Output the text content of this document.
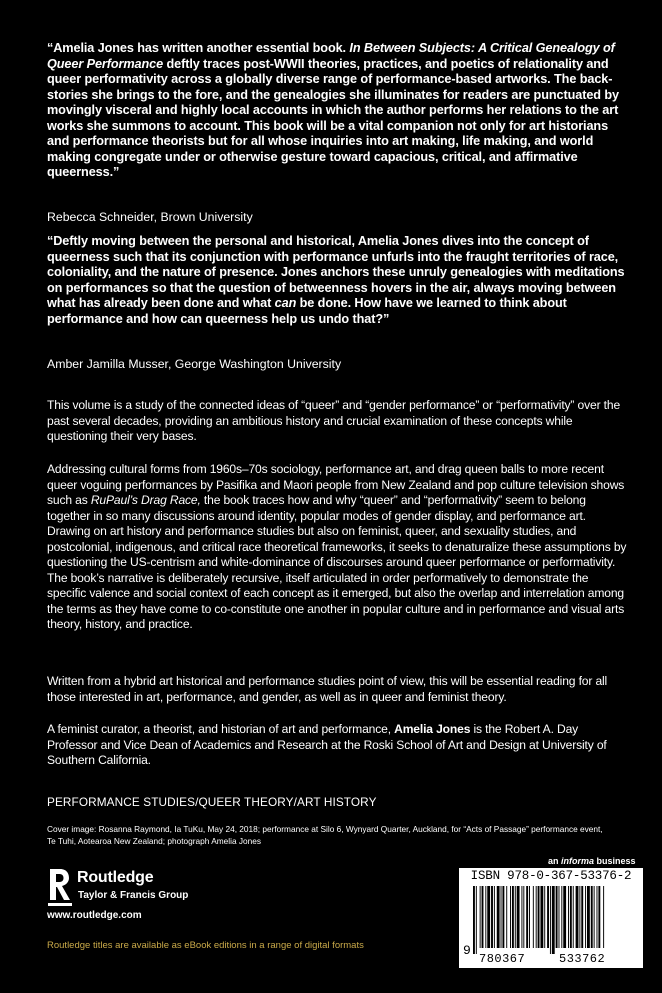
“Amelia Jones has written another essential book. In Between Subjects: A Critical Genealogy of Queer Performance deftly traces post-WWII theories, practices, and poetics of relationality and queer performativity across a globally diverse range of performance-based artworks. The back-stories she brings to the fore, and the genealogies she illuminates for readers are punctuated by movingly visceral and highly local accounts in which the author performs her relations to the art works she summons to account. This book will be a vital companion not only for art historians and performance theorists but for all whose inquiries into art making, life making, and world making congregate under or otherwise gesture toward capacious, critical, and affirmative queerness.”
Rebecca Schneider, Brown University
“Deftly moving between the personal and historical, Amelia Jones dives into the concept of queerness such that its conjunction with performance unfurls into the fraught territories of race, coloniality, and the nature of presence. Jones anchors these unruly genealogies with meditations on performances so that the question of betweenness hovers in the air, always moving between what has already been done and what can be done. How have we learned to think about performance and how can queerness help us undo that?”
Amber Jamilla Musser, George Washington University
This volume is a study of the connected ideas of “queer” and “gender performance” or “performativity” over the past several decades, providing an ambitious history and crucial examination of these concepts while questioning their very bases.
Addressing cultural forms from 1960s–70s sociology, performance art, and drag queen balls to more recent queer voguing performances by Pasifika and Maori people from New Zealand and pop culture television shows such as RuPaul’s Drag Race, the book traces how and why “queer” and “performativity” seem to belong together in so many discussions around identity, popular modes of gender display, and performance art. Drawing on art history and performance studies but also on feminist, queer, and sexuality studies, and postcolonial, indigenous, and critical race theoretical frameworks, it seeks to denaturalize these assumptions by questioning the US-centrism and white-dominance of discourses around queer performance or performativity. The book’s narrative is deliberately recursive, itself articulated in order performatively to demonstrate the specific valence and social context of each concept as it emerged, but also the overlap and interrelation among the terms as they have come to co-constitute one another in popular culture and in performance and visual arts theory, history, and practice.
Written from a hybrid art historical and performance studies point of view, this will be essential reading for all those interested in art, performance, and gender, as well as in queer and feminist theory.
A feminist curator, a theorist, and historian of art and performance, Amelia Jones is the Robert A. Day Professor and Vice Dean of Academics and Research at the Roski School of Art and Design at University of Southern California.
PERFORMANCE STUDIES/QUEER THEORY/ART HISTORY
Cover image: Rosanna Raymond, Ia TuKu, May 24, 2018; performance at Silo 6, Wynyard Quarter, Auckland, for “Acts of Passage” performance event, Te Tuhi, Aotearoa New Zealand; photograph Amelia Jones
Routledge
Taylor & Francis Group
www.routledge.com
Routledge titles are available as eBook editions in a range of digital formats
an informa business
ISBN 978-0-367-53376-2
9
780367	533762
